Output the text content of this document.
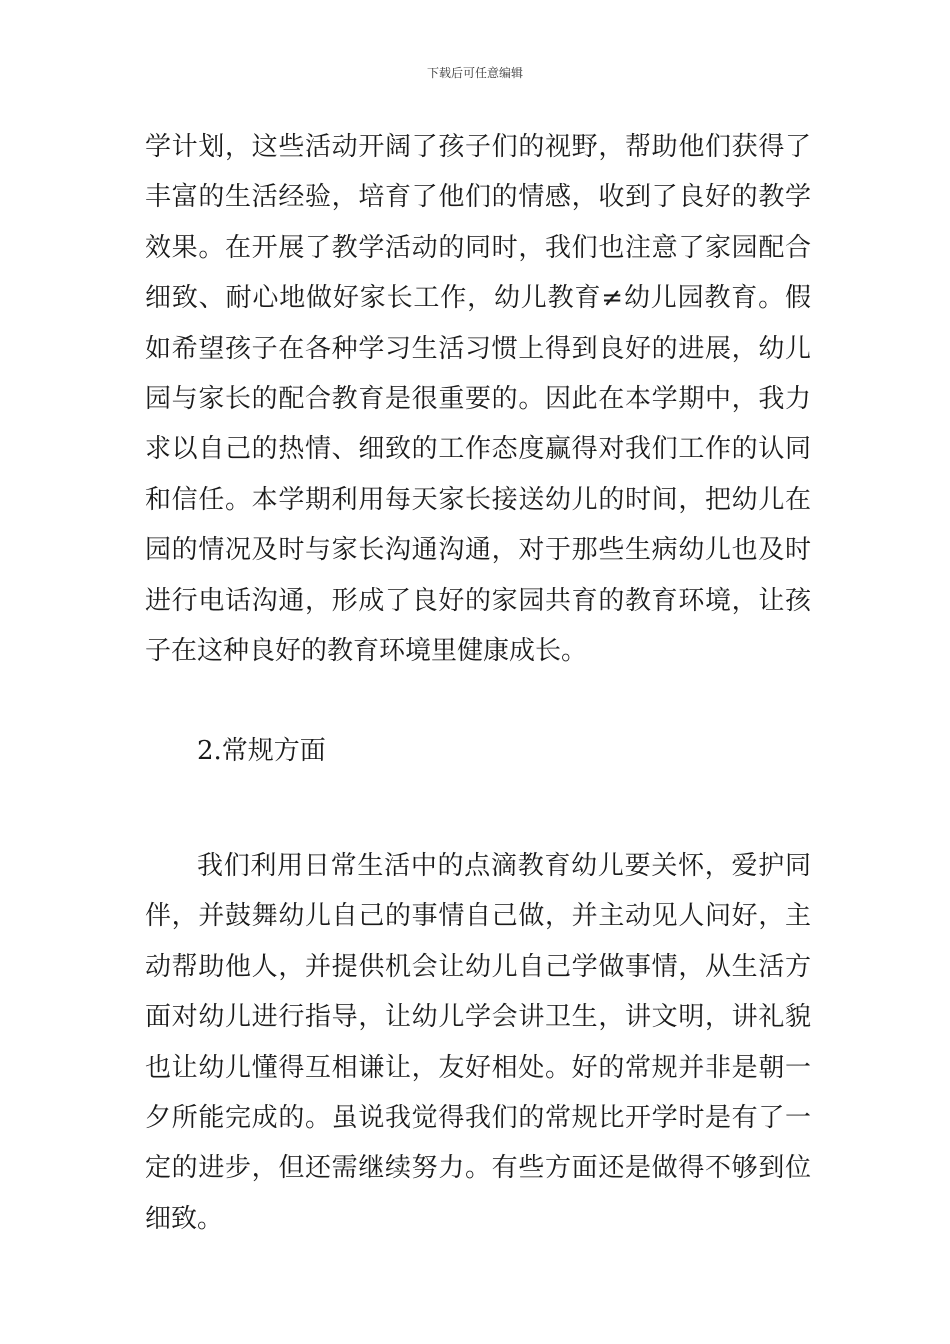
下载后可任意编辑

学计划，这些活动开阔了孩子们的视野，帮助他们获得了丰富的生活经验，培育了他们的情感，收到了良好的教学效果。在开展了教学活动的同时，我们也注意了家园配合细致、耐心地做好家长工作，幼儿教育≠幼儿园教育。假如希望孩子在各种学习生活习惯上得到良好的进展，幼儿园与家长的配合教育是很重要的。因此在本学期中，我力求以自己的热情、细致的工作态度赢得对我们工作的认同和信任。本学期利用每天家长接送幼儿的时间，把幼儿在园的情况及时与家长沟通沟通，对于那些生病幼儿也及时进行电话沟通，形成了良好的家园共育的教育环境，让孩子在这种良好的教育环境里健康成长。

2.常规方面

我们利用日常生活中的点滴教育幼儿要关怀，爱护同伴，并鼓舞幼儿自己的事情自己做，并主动见人问好，主动帮助他人，并提供机会让幼儿自己学做事情，从生活方面对幼儿进行指导，让幼儿学会讲卫生，讲文明，讲礼貌也让幼儿懂得互相谦让，友好相处。好的常规并非是朝一夕所能完成的。虽说我觉得我们的常规比开学时是有了一定的进步，但还需继续努力。有些方面还是做得不够到位细致。
